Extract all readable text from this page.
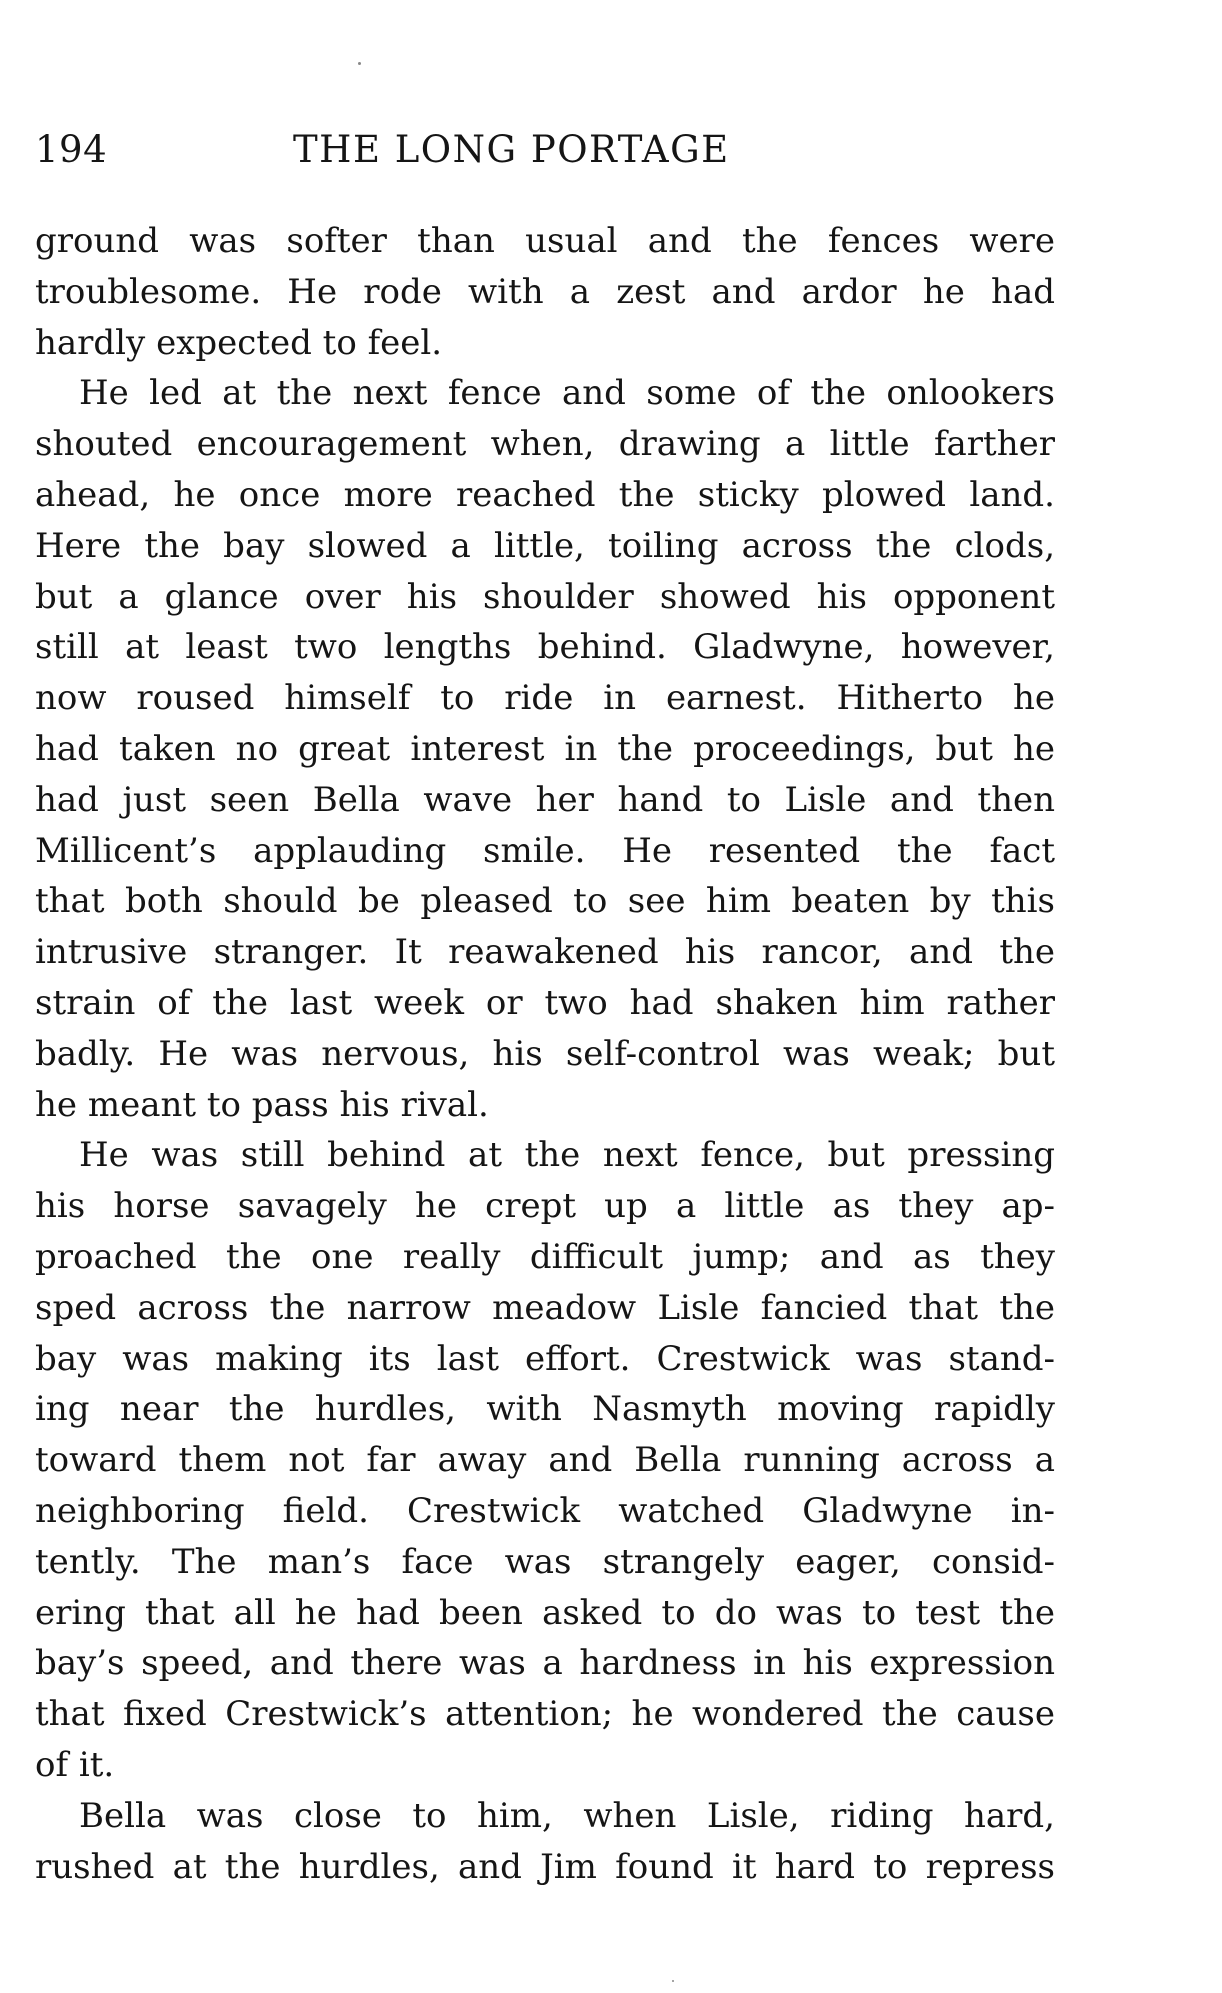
194	THE LONG PORTAGE
ground was softer than usual and the fences were
troublesome. He rode with a zest and ardor he had
hardly expected to feel.
He led at the next fence and some of the onlookers
shouted encouragement when, drawing a little farther
ahead, he once more reached the sticky plowed land.
Here the bay slowed a little, toiling across the clods,
but a glance over his shoulder showed his opponent
still at least two lengths behind. Gladwyne, however,
now roused himself to ride in earnest. Hitherto he
had taken no great interest in the proceedings, but he
had just seen Bella wave her hand to Lisle and then
Millicent’s applauding smile. He resented the fact
that both should be pleased to see him beaten by this
intrusive stranger. It reawakened his rancor, and the
strain of the last week or two had shaken him rather
badly. He was nervous, his self-control was weak; but
he meant to pass his rival.
He was still behind at the next fence, but pressing
his horse savagely he crept up a little as they ap-
proached the one really difficult jump; and as they
sped across the narrow meadow Lisle fancied that the
bay was making its last effort. Crestwick was stand-
ing near the hurdles, with Nasmyth moving rapidly
toward them not far away and Bella running across a
neighboring field. Crestwick watched Gladwyne in-
tently. The man’s face was strangely eager, consid-
ering that all he had been asked to do was to test the
bay’s speed, and there was a hardness in his expression
that fixed Crestwick’s attention; he wondered the cause
of it.
Bella was close to him, when Lisle, riding hard,
rushed at the hurdles, and Jim found it hard to repress
